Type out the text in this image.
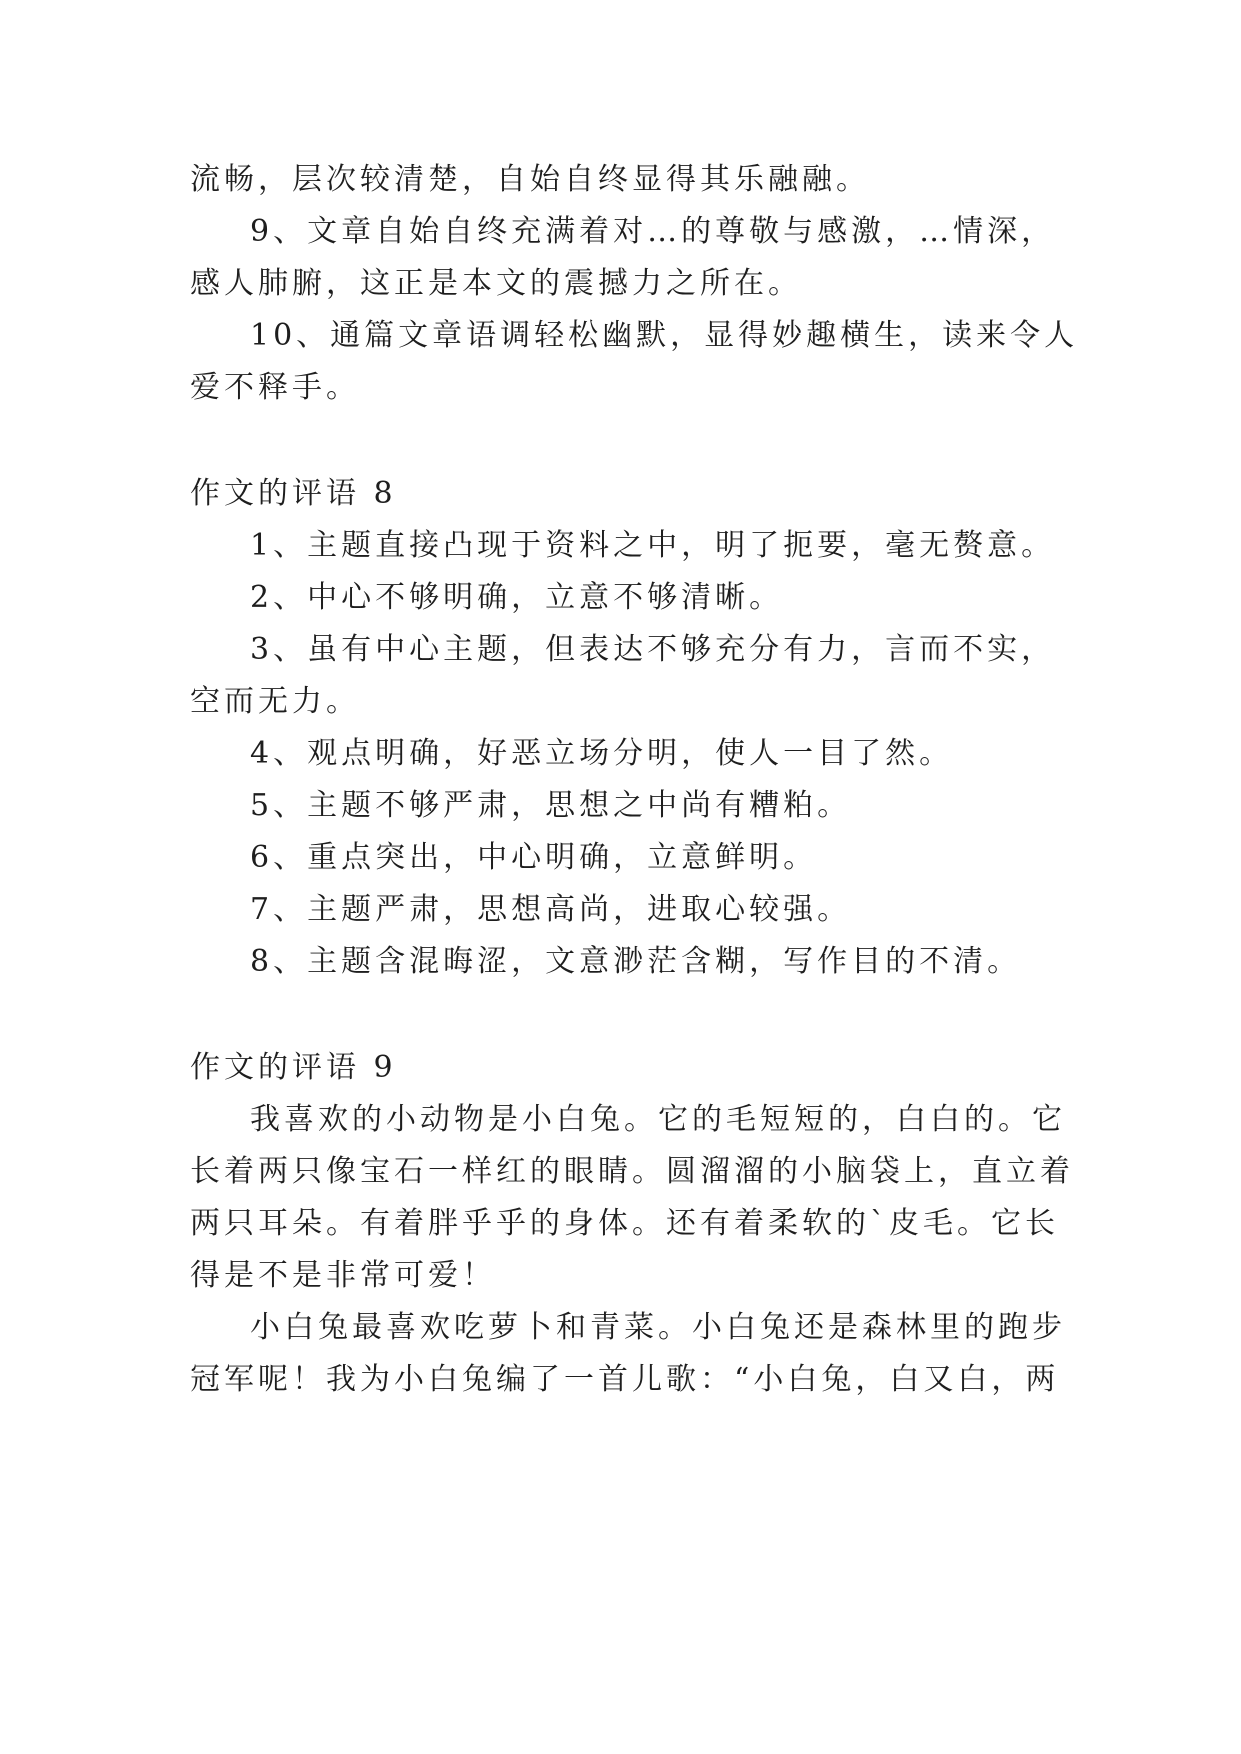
流畅，层次较清楚，自始自终显得其乐融融。
9、文章自始自终充满着对…的尊敬与感激，…情深，
感人肺腑，这正是本文的震撼力之所在。
10、通篇文章语调轻松幽默，显得妙趣横生，读来令人
爱不释手。
作文的评语 8
1、主题直接凸现于资料之中，明了扼要，毫无赘意。
2、中心不够明确，立意不够清晰。
3、虽有中心主题，但表达不够充分有力，言而不实，
空而无力。
4、观点明确，好恶立场分明，使人一目了然。
5、主题不够严肃，思想之中尚有糟粕。
6、重点突出，中心明确，立意鲜明。
7、主题严肃，思想高尚，进取心较强。
8、主题含混晦涩，文意渺茫含糊，写作目的不清。
作文的评语 9
我喜欢的小动物是小白兔。它的毛短短的，白白的。它
长着两只像宝石一样红的眼睛。圆溜溜的小脑袋上，直立着
两只耳朵。有着胖乎乎的身体。还有着柔软的`皮毛。它长
得是不是非常可爱！
小白兔最喜欢吃萝卜和青菜。小白兔还是森林里的跑步
冠军呢！我为小白兔编了一首儿歌：“小白兔，白又白，两
